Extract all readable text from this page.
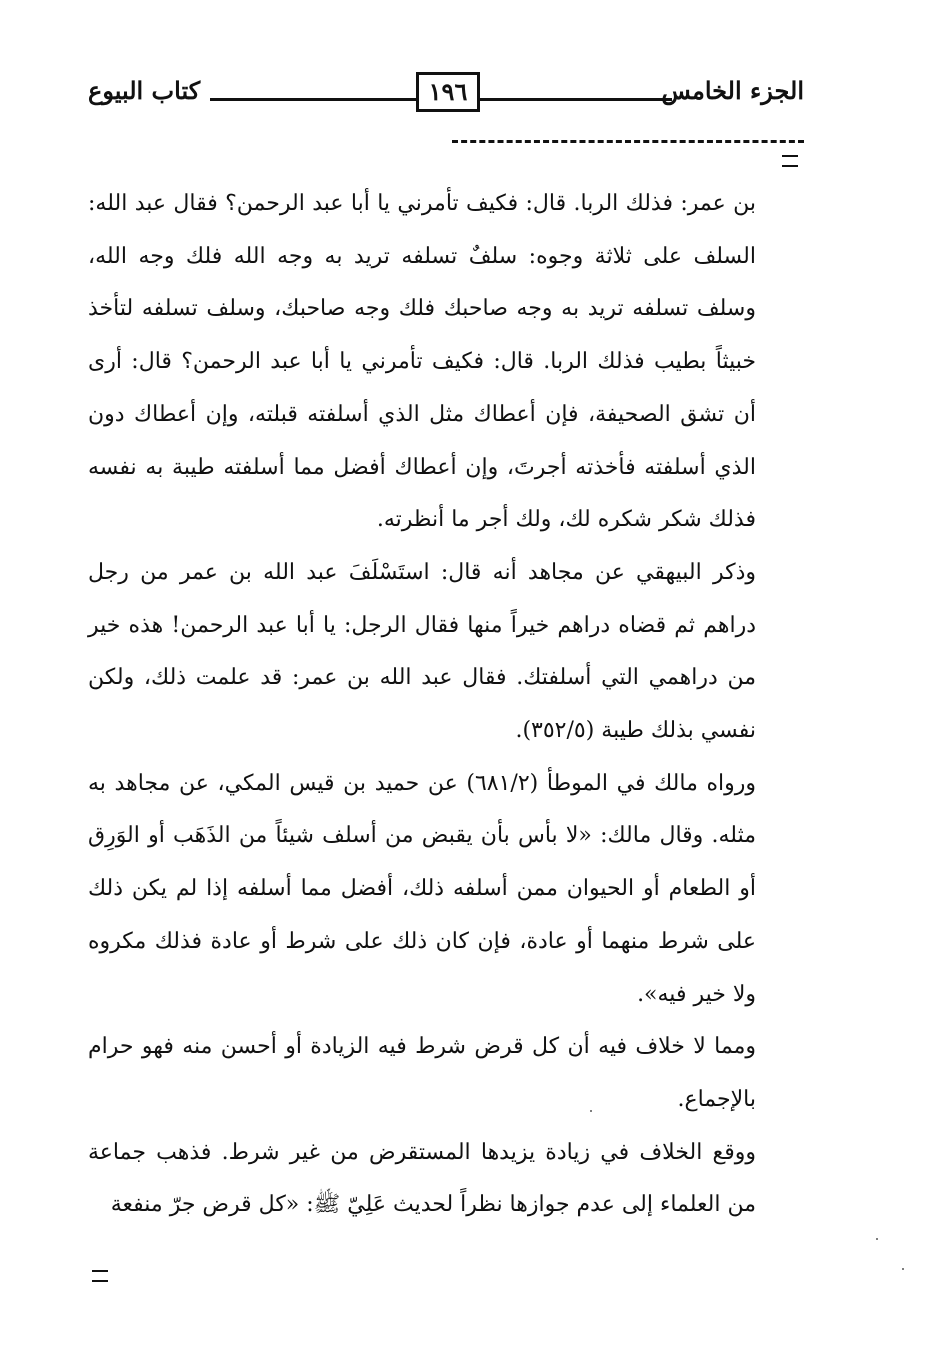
كتاب البيوع	١٩٦	الجزء الخامس

بن عمر: فذلك الربا. قال: فكيف تأمرني يا أبا عبد الرحمن؟ فقال عبد الله: السلف على ثلاثة وجوه: سلفٌ تسلفه تريد به وجه الله فلك وجه الله، وسلف تسلفه تريد به وجه صاحبك فلك وجه صاحبك، وسلف تسلفه لتأخذ خبيثاً بطيب فذلك الربا. قال: فكيف تأمرني يا أبا عبد الرحمن؟ قال: أرى أن تشق الصحيفة، فإن أعطاك مثل الذي أسلفته قبلته، وإن أعطاك دون الذي أسلفته فأخذته أجرتَ، وإن أعطاك أفضل مما أسلفته طيبة به نفسه فذلك شكر شكره لك، ولك أجر ما أنظرته.

وذكر البيهقي عن مجاهد أنه قال: استَسْلَفَ عبد الله بن عمر من رجل دراهم ثم قضاه دراهم خيراً منها فقال الرجل: يا أبا عبد الرحمن! هذه خير من دراهمي التي أسلفتك. فقال عبد الله بن عمر: قد علمت ذلك، ولكن نفسي بذلك طيبة (٣٥٢/٥).

ورواه مالك في الموطأ (٦٨١/٢) عن حميد بن قيس المكي، عن مجاهد به مثله. وقال مالك: «لا بأس بأن يقبض من أسلف شيئاً من الذَهَب أو الوَرِق أو الطعام أو الحيوان ممن أسلفه ذلك، أفضل مما أسلفه إذا لم يكن ذلك على شرط منهما أو عادة، فإن كان ذلك على شرط أو عادة فذلك مكروه ولا خير فيه».

ومما لا خلاف فيه أن كل قرض شرط فيه الزيادة أو أحسن منه فهو حرام بالإجماع.

ووقع الخلاف في زيادة يزيدها المستقرض من غير شرط. فذهب جماعة من العلماء إلى عدم جوازها نظراً لحديث عَلِيّ ﷺ: «كل قرض جرّ منفعة
